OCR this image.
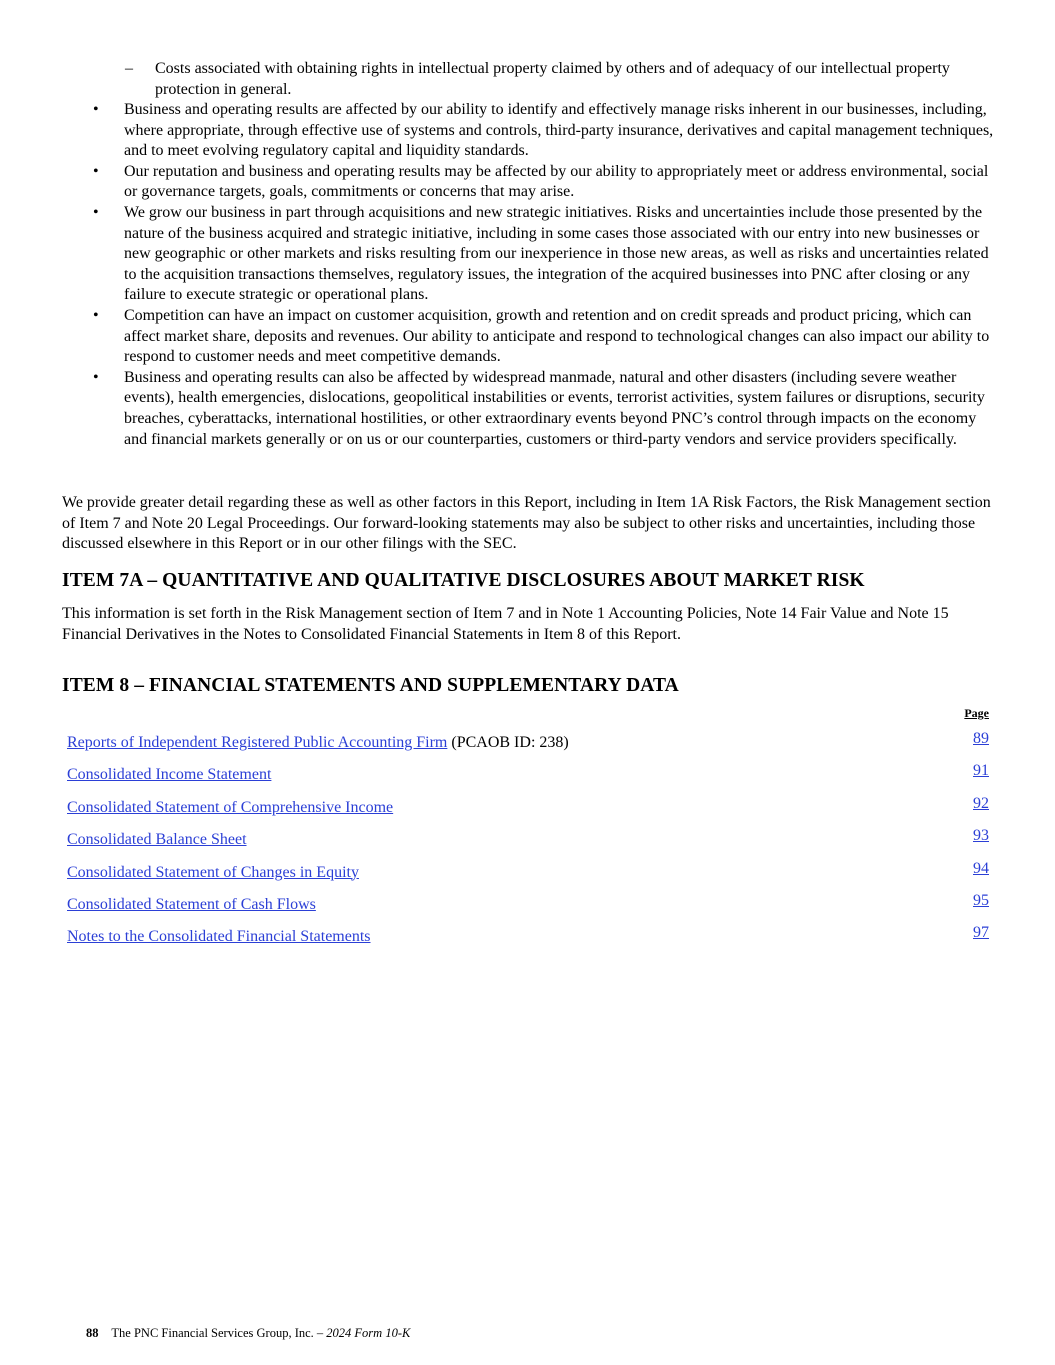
– Costs associated with obtaining rights in intellectual property claimed by others and of adequacy of our intellectual property protection in general.
• Business and operating results are affected by our ability to identify and effectively manage risks inherent in our businesses, including, where appropriate, through effective use of systems and controls, third-party insurance, derivatives and capital management techniques, and to meet evolving regulatory capital and liquidity standards.
• Our reputation and business and operating results may be affected by our ability to appropriately meet or address environmental, social or governance targets, goals, commitments or concerns that may arise.
• We grow our business in part through acquisitions and new strategic initiatives. Risks and uncertainties include those presented by the nature of the business acquired and strategic initiative, including in some cases those associated with our entry into new businesses or new geographic or other markets and risks resulting from our inexperience in those new areas, as well as risks and uncertainties related to the acquisition transactions themselves, regulatory issues, the integration of the acquired businesses into PNC after closing or any failure to execute strategic or operational plans.
• Competition can have an impact on customer acquisition, growth and retention and on credit spreads and product pricing, which can affect market share, deposits and revenues. Our ability to anticipate and respond to technological changes can also impact our ability to respond to customer needs and meet competitive demands.
• Business and operating results can also be affected by widespread manmade, natural and other disasters (including severe weather events), health emergencies, dislocations, geopolitical instabilities or events, terrorist activities, system failures or disruptions, security breaches, cyberattacks, international hostilities, or other extraordinary events beyond PNC’s control through impacts on the economy and financial markets generally or on us or our counterparties, customers or third-party vendors and service providers specifically.

We provide greater detail regarding these as well as other factors in this Report, including in Item 1A Risk Factors, the Risk Management section of Item 7 and Note 20 Legal Proceedings. Our forward-looking statements may also be subject to other risks and uncertainties, including those discussed elsewhere in this Report or in our other filings with the SEC.

ITEM 7A – QUANTITATIVE AND QUALITATIVE DISCLOSURES ABOUT MARKET RISK

This information is set forth in the Risk Management section of Item 7 and in Note 1 Accounting Policies, Note 14 Fair Value and Note 15 Financial Derivatives in the Notes to Consolidated Financial Statements in Item 8 of this Report.

ITEM 8 – FINANCIAL STATEMENTS AND SUPPLEMENTARY DATA
Page
Reports of Independent Registered Public Accounting Firm (PCAOB ID: 238)	89
Consolidated Income Statement	91
Consolidated Statement of Comprehensive Income	92
Consolidated Balance Sheet	93
Consolidated Statement of Changes in Equity	94
Consolidated Statement of Cash Flows	95
Notes to the Consolidated Financial Statements	97
88 The PNC Financial Services Group, Inc. – 2024 Form 10-K
